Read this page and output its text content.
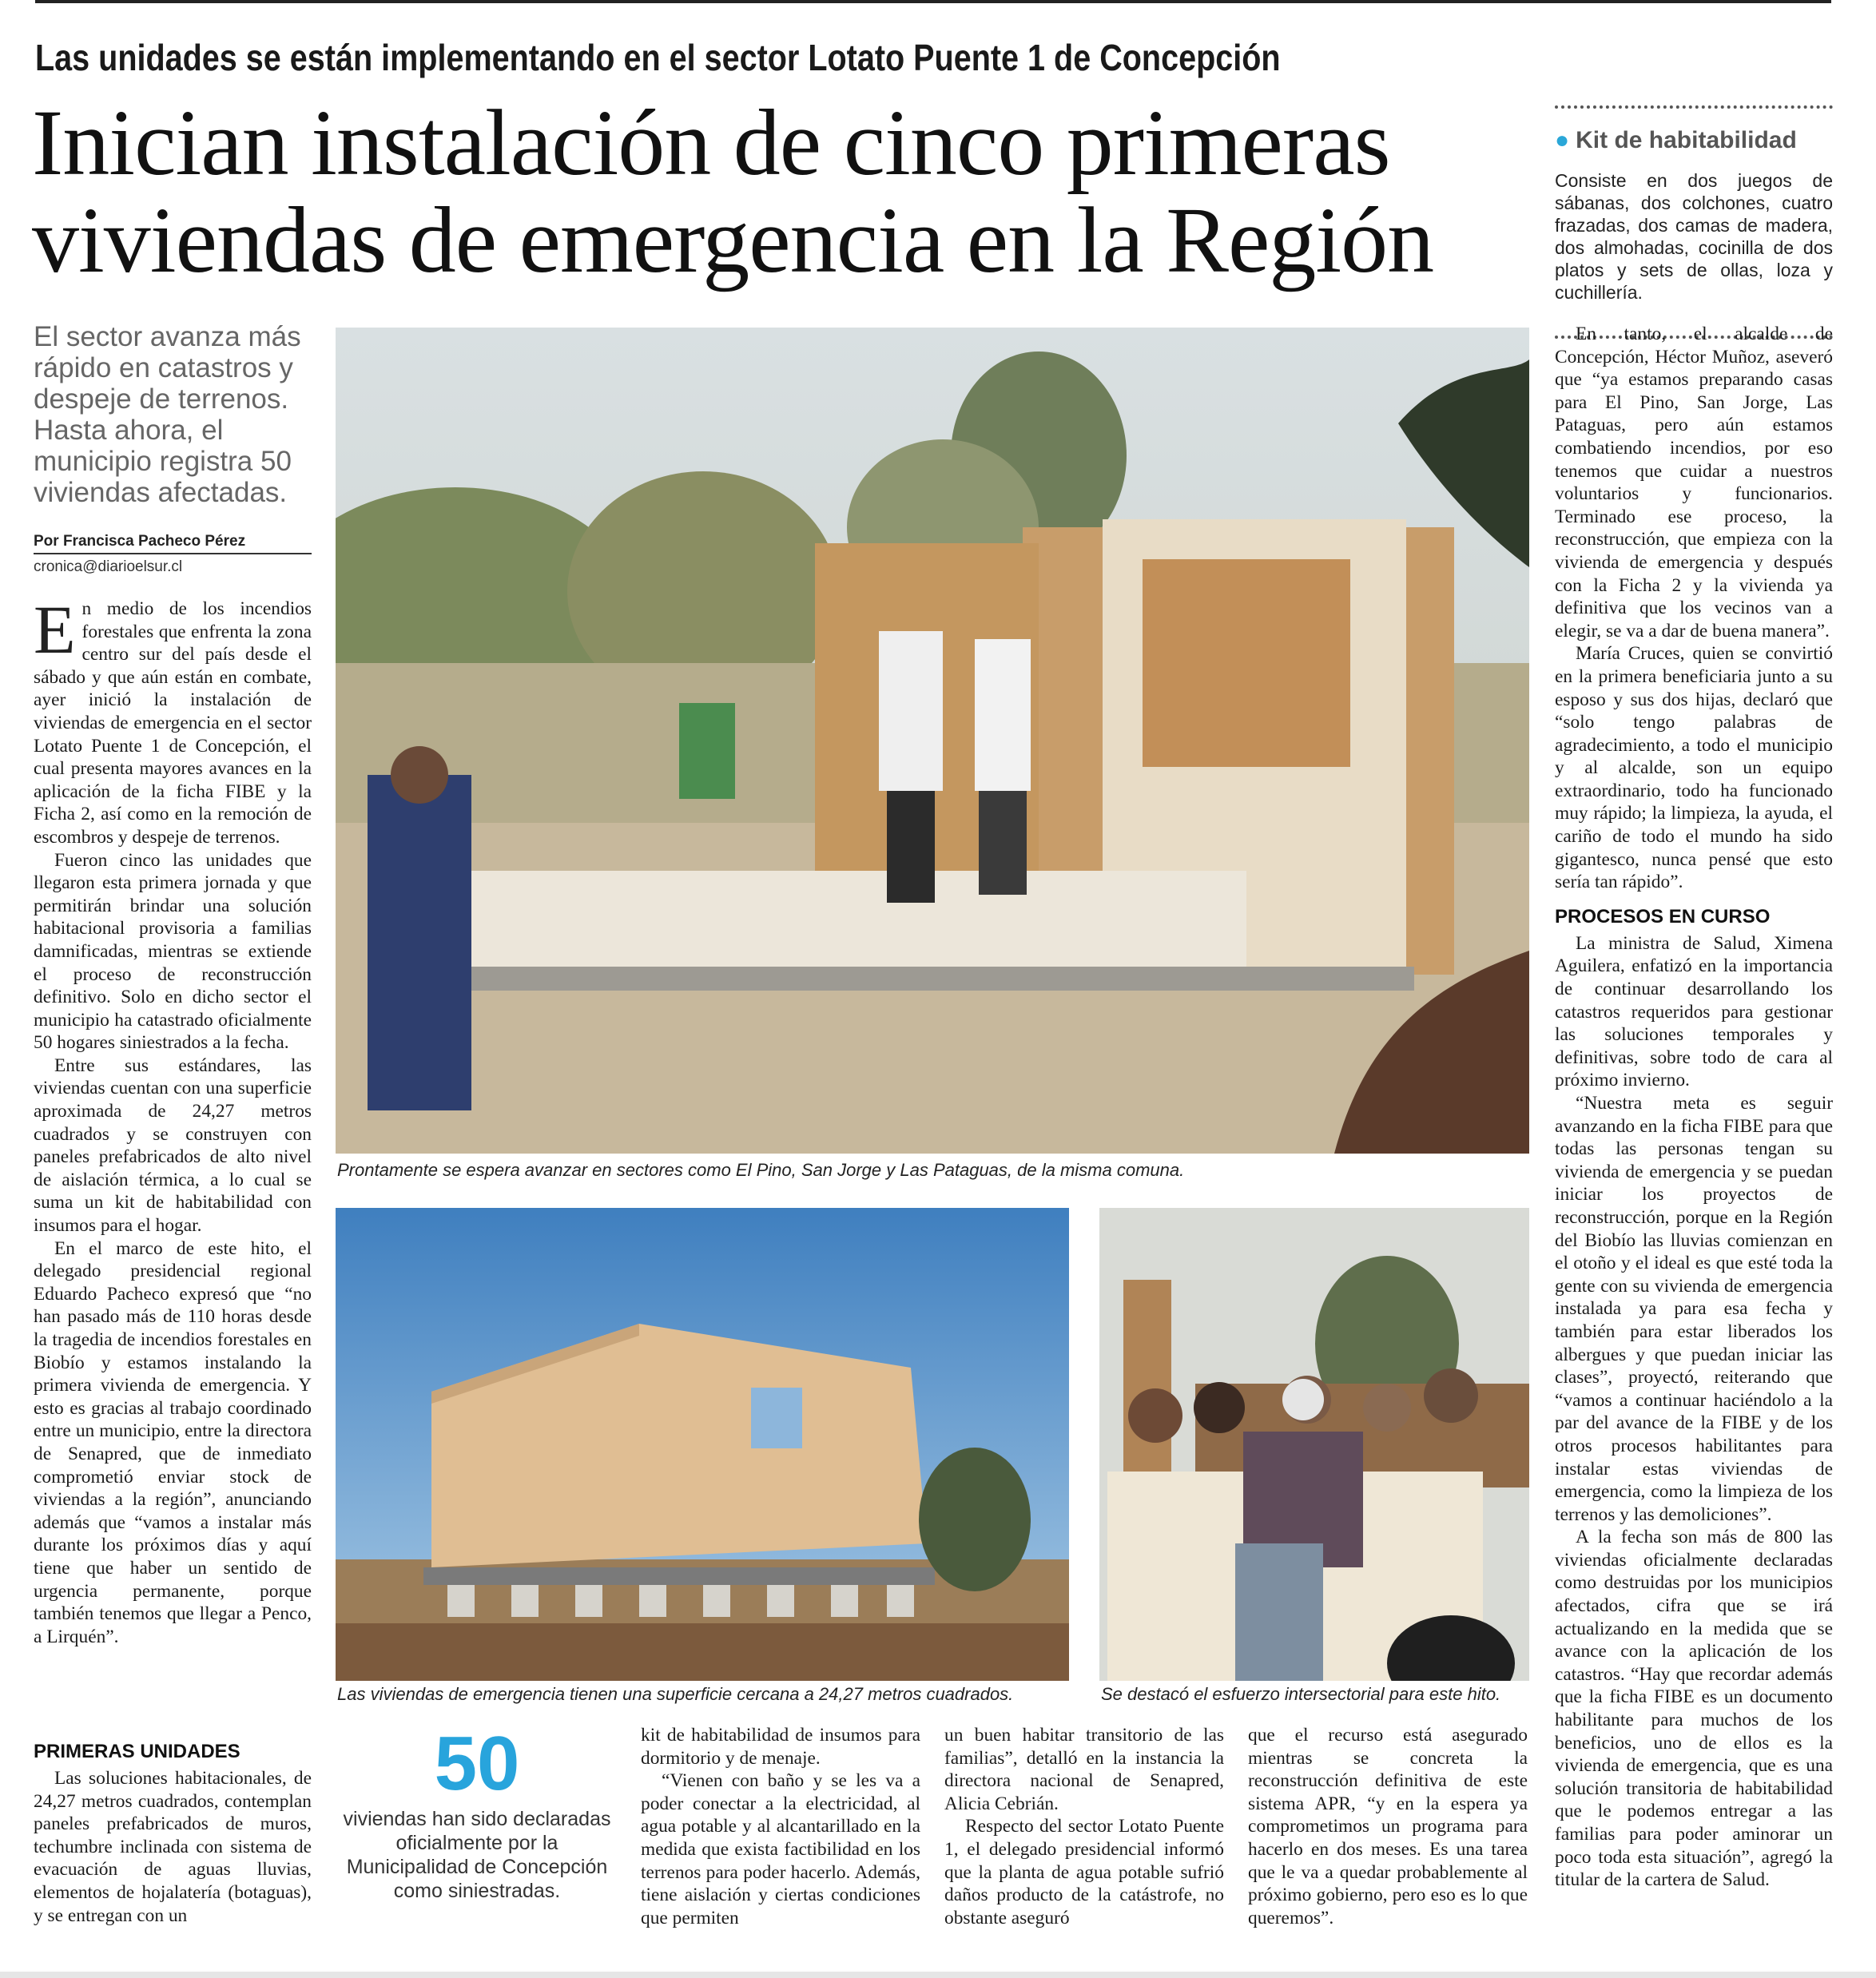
Las unidades se están implementando en el sector Lotato Puente 1 de Concepción
Inician instalación de cinco primeras
viviendas de emergencia en la Región
● Kit de habitabilidad
Consiste en dos juegos de sábanas, dos colchones, cuatro frazadas, dos camas de madera, dos almohadas, cocinilla de dos platos y sets de ollas, loza y cuchillería.
El sector avanza más rápido en catastros y despeje de terrenos. Hasta ahora, el municipio registra 50 viviendas afectadas.
Por Francisca Pacheco Pérez
cronica@diarioelsur.cl

En medio de los incendios forestales que enfrenta la zona centro sur del país desde el sábado y que aún están en combate, ayer inició la instalación de viviendas de emergencia en el sector Lotato Puente 1 de Concepción, el cual presenta mayores avances en la aplicación de la ficha FIBE y la Ficha 2, así como en la remoción de escombros y despeje de terrenos.

Fueron cinco las unidades que llegaron esta primera jornada y que permitirán brindar una solución habitacional provisoria a familias damnificadas, mientras se extiende el proceso de reconstrucción definitivo. Solo en dicho sector el municipio ha catastrado oficialmente 50 hogares siniestrados a la fecha.

Entre sus estándares, las viviendas cuentan con una superficie aproximada de 24,27 metros cuadrados y se construyen con paneles prefabricados de alto nivel de aislación térmica, a lo cual se suma un kit de habitabilidad con insumos para el hogar.

En el marco de este hito, el delegado presidencial regional Eduardo Pacheco expresó que “no han pasado más de 110 horas desde la tragedia de incendios forestales en Biobío y estamos instalando la primera vivienda de emergencia. Y esto es gracias al trabajo coordinado entre un municipio, entre la directora de Senapred, que de inmediato comprometió enviar stock de viviendas a la región”, anunciando además que “vamos a instalar más durante los próximos días y aquí tiene que haber un sentido de urgencia permanente, porque también tenemos que llegar a Penco, a Lirquén”.

PRIMERAS UNIDADES

Las soluciones habitacionales, de 24,27 metros cuadrados, contemplan paneles prefabricados de muros, techumbre inclinada con sistema de evacuación de aguas lluvias, elementos de hojalatería (botaguas), y se entregan con un

Prontamente se espera avanzar en sectores como El Pino, San Jorge y Las Pataguas, de la misma comuna.
Las viviendas de emergencia tienen una superficie cercana a 24,27 metros cuadrados.	Se destacó el esfuerzo intersectorial para este hito.
50
viviendas han sido declaradas oficialmente por la Municipalidad de Concepción como siniestradas.

kit de habitabilidad de insumos para dormitorio y de menaje.

“Vienen con baño y se les va a poder conectar a la electricidad, al agua potable y al alcantarillado en la medida que exista factibilidad en los terrenos para poder hacerlo. Además, tiene aislación y ciertas condiciones que permiten

un buen habitar transitorio de las familias”, detalló en la instancia la directora nacional de Senapred, Alicia Cebrián.

Respecto del sector Lotato Puente 1, el delegado presidencial informó que la planta de agua potable sufrió daños producto de la catástrofe, no obstante aseguró

que el recurso está asegurado mientras se concreta la reconstrucción definitiva de este sistema APR, “y en la espera ya comprometimos un programa para hacerlo en dos meses. Es una tarea que le va a quedar probablemente al próximo gobierno, pero eso es lo que queremos”.

En tanto, el alcalde de Concepción, Héctor Muñoz, aseveró que “ya estamos preparando casas para El Pino, San Jorge, Las Pataguas, pero aún estamos combatiendo incendios, por eso tenemos que cuidar a nuestros voluntarios y funcionarios. Terminado ese proceso, la reconstrucción, que empieza con la vivienda de emergencia y después con la Ficha 2 y la vivienda ya definitiva que los vecinos van a elegir, se va a dar de buena manera”.

María Cruces, quien se convirtió en la primera beneficiaria junto a su esposo y sus dos hijas, declaró que “solo tengo palabras de agradecimiento, a todo el municipio y al alcalde, son un equipo extraordinario, todo ha funcionado muy rápido; la limpieza, la ayuda, el cariño de todo el mundo ha sido gigantesco, nunca pensé que esto sería tan rápido”.

PROCESOS EN CURSO

La ministra de Salud, Ximena Aguilera, enfatizó en la importancia de continuar desarrollando los catastros requeridos para gestionar las soluciones temporales y definitivas, sobre todo de cara al próximo invierno.

“Nuestra meta es seguir avanzando en la ficha FIBE para que todas las personas tengan su vivienda de emergencia y se puedan iniciar los proyectos de reconstrucción, porque en la Región del Biobío las lluvias comienzan en el otoño y el ideal es que esté toda la gente con su vivienda de emergencia instalada ya para esa fecha y también para estar liberados los albergues y que puedan iniciar las clases”, proyectó, reiterando que “vamos a continuar haciéndolo a la par del avance de la FIBE y de los otros procesos habilitantes para instalar estas viviendas de emergencia, como la limpieza de los terrenos y las demoliciones”.

A la fecha son más de 800 las viviendas oficialmente declaradas como destruidas por los municipios afectados, cifra que se irá actualizando en la medida que se avance con la aplicación de los catastros. “Hay que recordar además que la ficha FIBE es un documento habilitante para muchos de los beneficios, uno de ellos es la vivienda de emergencia, que es una solución transitoria de habitabilidad que le podemos entregar a las familias para poder aminorar un poco toda esta situación”, agregó la titular de la cartera de Salud.
